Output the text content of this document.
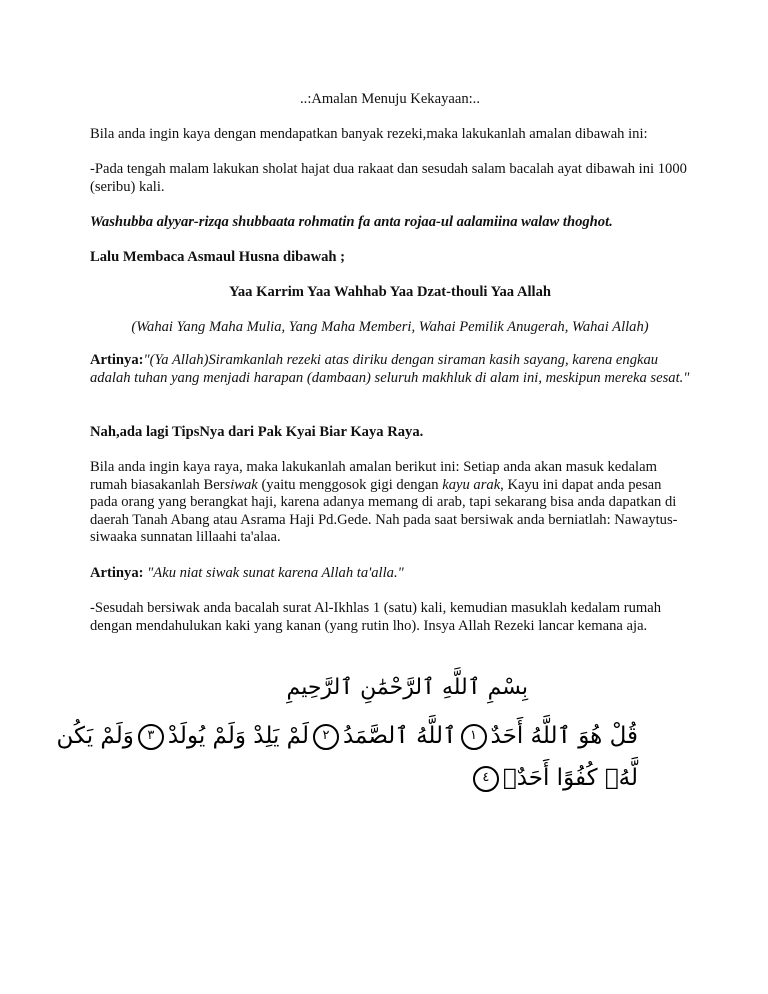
..:Amalan Menuju Kekayaan:..

Bila anda ingin kaya dengan mendapatkan banyak rezeki,maka lakukanlah amalan dibawah ini:

-Pada tengah malam lakukan sholat hajat dua rakaat dan sesudah salam bacalah ayat dibawah ini 1000 (seribu) kali.

Washubba alyyar-rizqa shubbaata rohmatin fa anta rojaa-ul aalamiina walaw thoghot.

Lalu Membaca Asmaul Husna dibawah ;

Yaa Karrim Yaa Wahhab Yaa Dzat-thouli Yaa Allah

(Wahai Yang Maha Mulia, Yang Maha Memberi, Wahai Pemilik Anugerah, Wahai Allah)

Artinya:"(Ya Allah)Siramkanlah rezeki atas diriku dengan siraman kasih sayang, karena engkau adalah tuhan yang menjadi harapan (dambaan) seluruh makhluk di alam ini, meskipun mereka sesat."

Nah,ada lagi TipsNya dari Pak Kyai Biar Kaya Raya.

Bila anda ingin kaya raya, maka lakukanlah amalan berikut ini: Setiap anda akan masuk kedalam rumah biasakanlah Bersiwak (yaitu menggosok gigi dengan kayu arak, Kayu ini dapat anda pesan pada orang yang berangkat haji, karena adanya memang di arab, tapi sekarang bisa anda dapatkan di daerah Tanah Abang atau Asrama Haji Pd.Gede. Nah pada saat bersiwak anda berniatlah: Nawaytus-siwaaka sunnatan lillaahi ta'alaa.

Artinya: "Aku niat siwak sunat karena Allah ta'alla."

-Sesudah bersiwak anda bacalah surat Al-Ikhlas 1 (satu) kali, kemudian masuklah kedalam rumah dengan mendahulukan kaki yang kanan (yang rutin lho). Insya Allah Rezeki lancar kemana aja.

بِسْمِ ٱللَّهِ ٱلرَّحْمَٰنِ ٱلرَّحِيمِ
قُلْ هُوَ ٱللَّهُ أَحَدٌ١ٱللَّهُ ٱلصَّمَدُ٢لَمْ يَلِدْ وَلَمْ يُولَدْ٣وَلَمْ يَكُن
لَّهُۥ كُفُوًا أَحَدٌۢ٤
